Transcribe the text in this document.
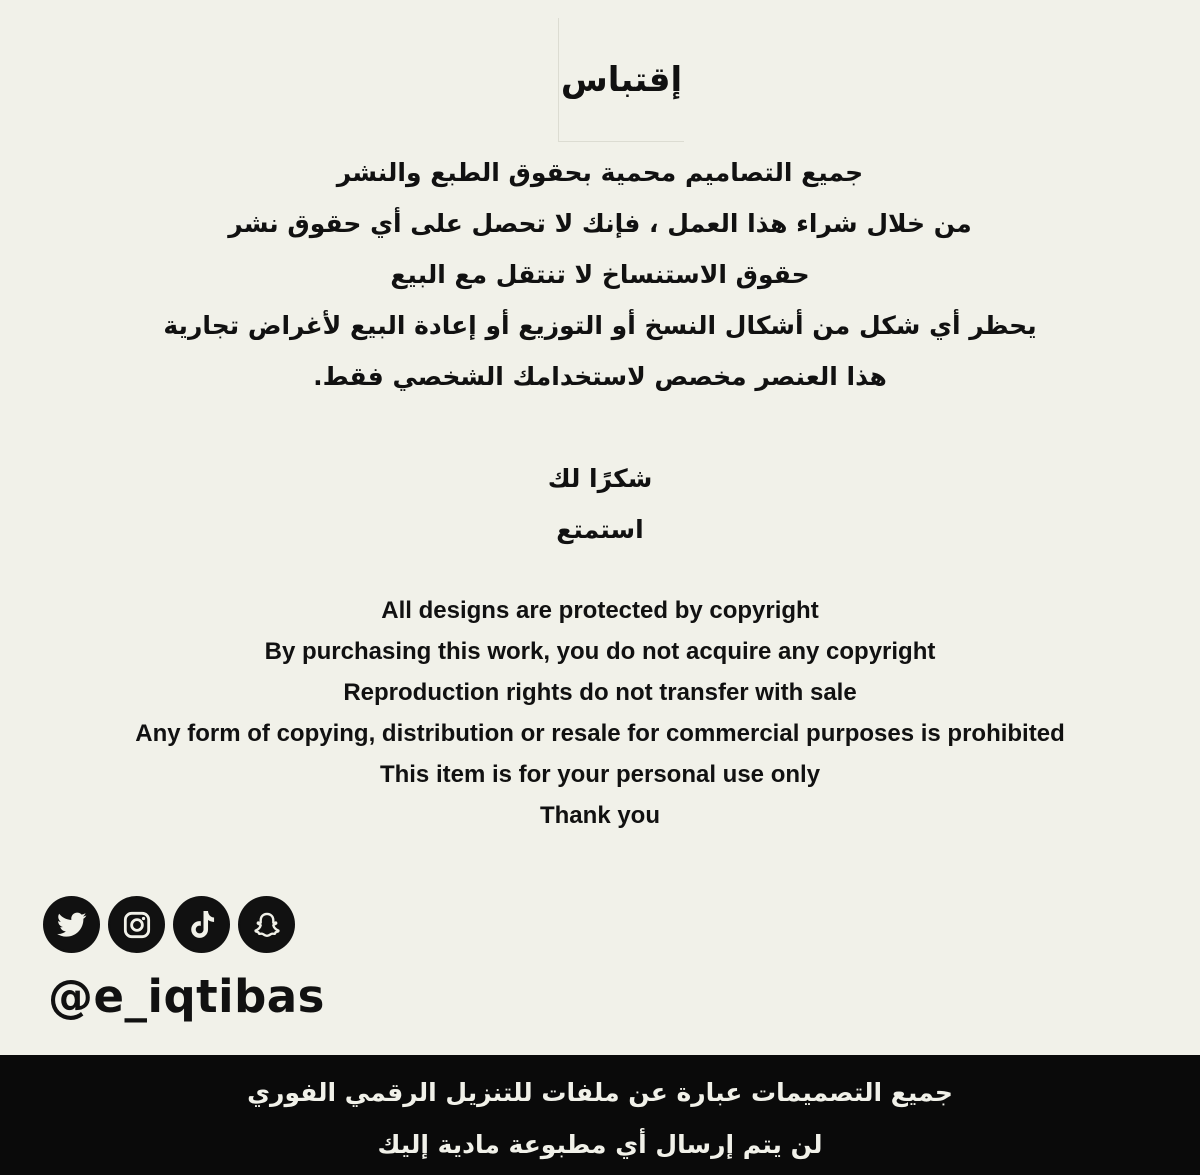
إقتباس
جميع التصاميم محمية بحقوق الطبع والنشر
من خلال شراء هذا العمل ، فإنك لا تحصل على أي حقوق نشر
حقوق الاستنساخ لا تنتقل مع البيع
يحظر أي شكل من أشكال النسخ أو التوزيع أو إعادة البيع لأغراض تجارية
هذا العنصر مخصص لاستخدامك الشخصي فقط.
شكرًا لك
استمتع
All designs are protected by copyright
By purchasing this work, you do not acquire any copyright
Reproduction rights do not transfer with sale
Any form of copying, distribution or resale for commercial purposes is prohibited
This item is for your personal use only
Thank you
@e_iqtibas
جميع التصميمات عبارة عن ملفات للتنزيل الرقمي الفوري
لن يتم إرسال أي مطبوعة مادية إليك
